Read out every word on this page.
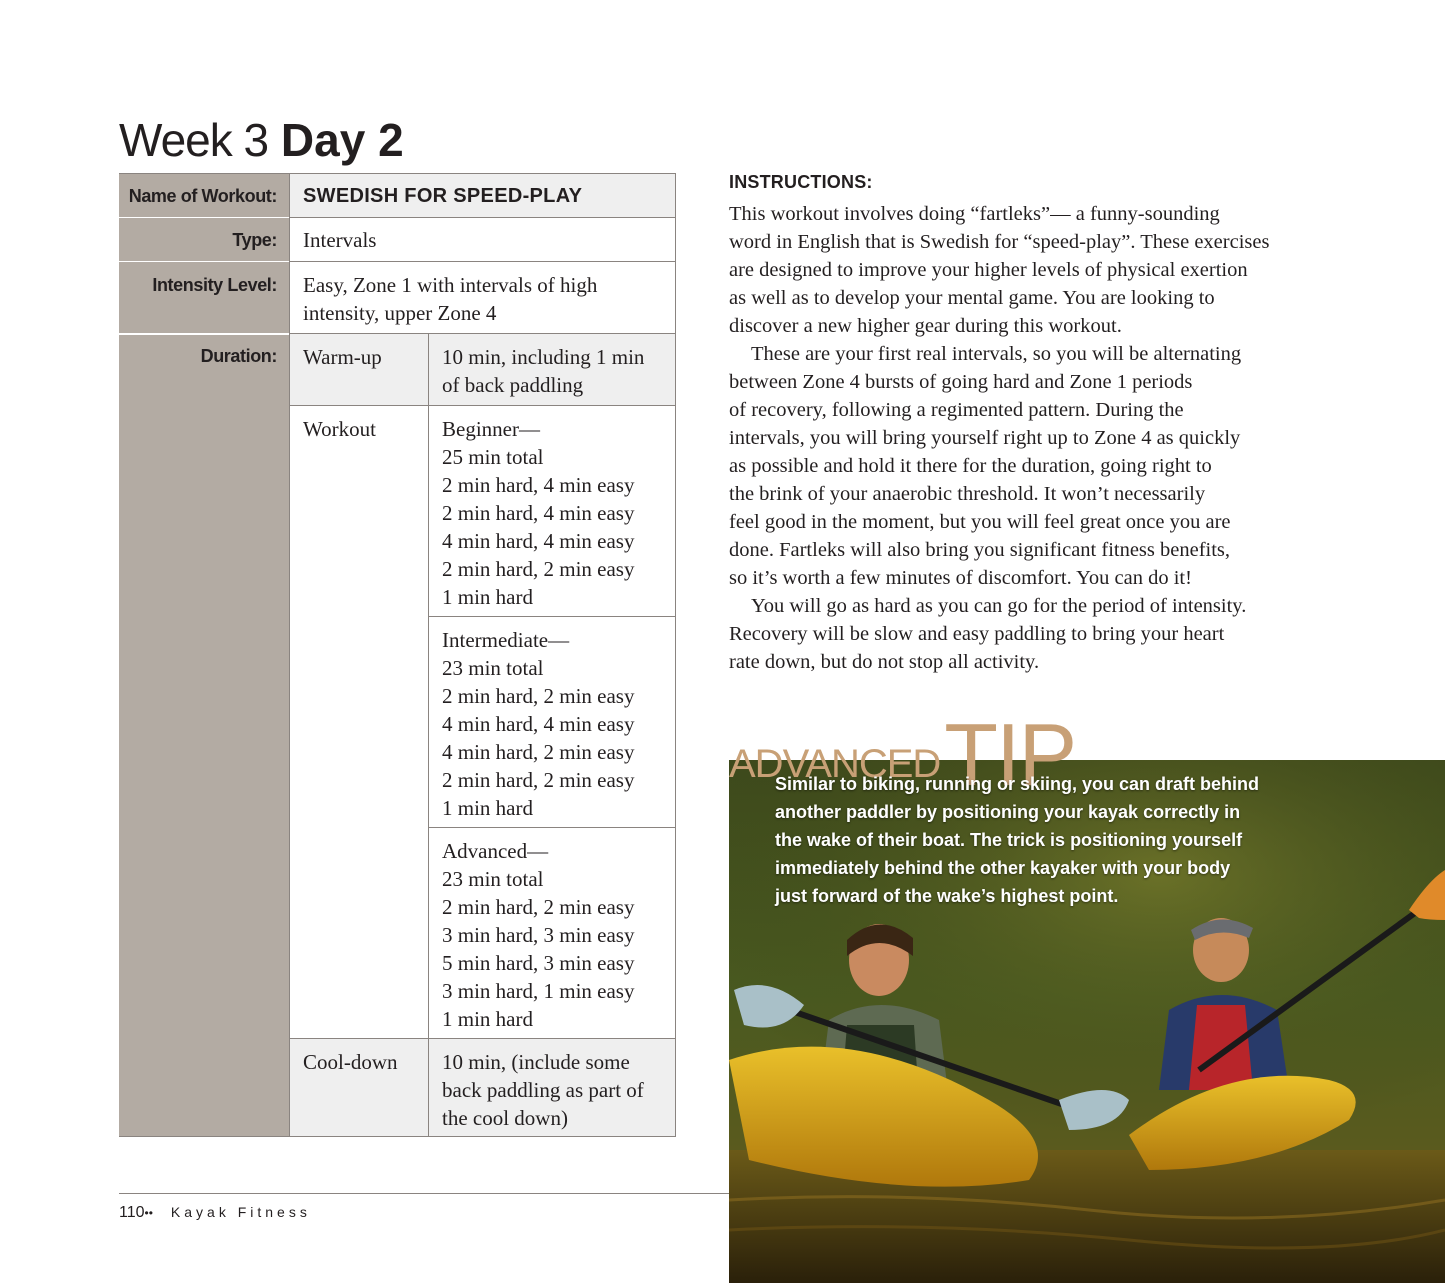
Week 3 Day 2
Name of Workout:	SWEDISH FOR SPEED-PLAY
Type:	Intervals
Intensity Level:	Easy, Zone 1 with intervals of high
intensity, upper Zone 4
Duration:	Warm-up	10 min, including 1 min
of back paddling
Workout	Beginner—
25 min total
2 min hard, 4 min easy
2 min hard, 4 min easy
4 min hard, 4 min easy
2 min hard, 2 min easy
1 min hard
Intermediate—
23 min total
2 min hard, 2 min easy
4 min hard, 4 min easy
4 min hard, 2 min easy
2 min hard, 2 min easy
1 min hard
Advanced—
23 min total
2 min hard, 2 min easy
3 min hard, 3 min easy
5 min hard, 3 min easy
3 min hard, 1 min easy
1 min hard
Cool-down	10 min, (include some
back paddling as part of
the cool down)
INSTRUCTIONS:
This workout involves doing “fartleks”— a funny-sounding
word in English that is Swedish for “speed-play”. These exercises
are designed to improve your higher levels of physical exertion
as well as to develop your mental game. You are looking to
discover a new higher gear during this workout.
These are your first real intervals, so you will be alternating
between Zone 4 bursts of going hard and Zone 1 periods
of recovery, following a regimented pattern. During the
intervals, you will bring yourself right up to Zone 4 as quickly
as possible and hold it there for the duration, going right to
the brink of your anaerobic threshold. It won’t necessarily
feel good in the moment, but you will feel great once you are
done. Fartleks will also bring you significant fitness benefits,
so it’s worth a few minutes of discomfort. You can do it!
You will go as hard as you can go for the period of intensity.
Recovery will be slow and easy paddling to bring your heart
rate down, but do not stop all activity.
ADVANCEDTIP
Similar to biking, running or skiing, you can draft behind
another paddler by positioning your kayak correctly in
the wake of their boat. The trick is positioning yourself
immediately behind the other kayaker with your body
just forward of the wake’s highest point.
110•• Kayak Fitness
